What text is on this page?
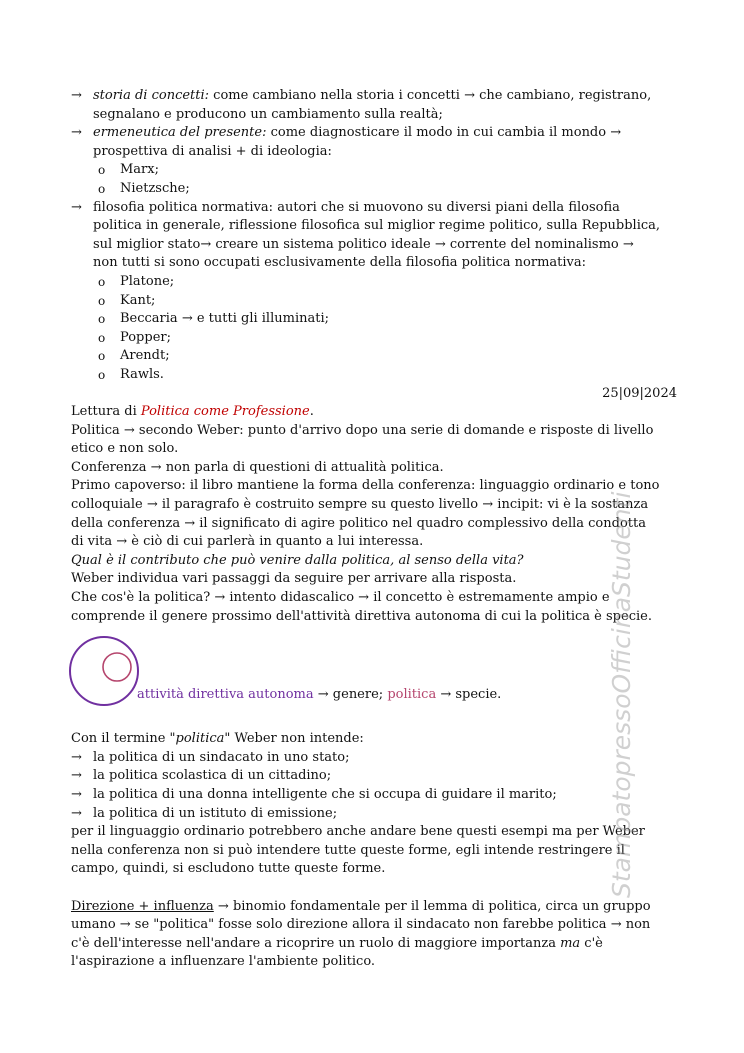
→ storia di concetti: come cambiano nella storia i concetti → che cambiano, registrano,
segnalano e producono un cambiamento sulla realtà;
→ ermeneutica del presente: come diagnosticare il modo in cui cambia il mondo →
prospettiva di analisi + di ideologia:
o Marx;
o Nietzsche;
→ filosofia politica normativa: autori che si muovono su diversi piani della filosofia
politica in generale, riflessione filosofica sul miglior regime politico, sulla Repubblica,
sul miglior stato→ creare un sistema politico ideale → corrente del nominalismo →
non tutti si sono occupati esclusivamente della filosofia politica normativa:
o Platone;
o Kant;
o Beccaria → e tutti gli illuminati;
o Popper;
o Arendt;
o Rawls.
25|09|2024
Lettura di Politica come Professione.
Politica → secondo Weber: punto d'arrivo dopo una serie di domande e risposte di livello
etico e non solo.
Conferenza → non parla di questioni di attualità politica.
Primo capoverso: il libro mantiene la forma della conferenza: linguaggio ordinario e tono
colloquiale → il paragrafo è costruito sempre su questo livello → incipit: vi è la sostanza
della conferenza → il significato di agire politico nel quadro complessivo della condotta
di vita → è ciò di cui parlerà in quanto a lui interessa.
Qual è il contributo che può venire dalla politica, al senso della vita?
Weber individua vari passaggi da seguire per arrivare alla risposta.
Che cos'è la politica? → intento didascalico → il concetto è estremamente ampio e
comprende il genere prossimo dell'attività direttiva autonoma di cui la politica è specie.
attività direttiva autonoma → genere; politica → specie.
Con il termine "politica" Weber non intende:
→ la politica di un sindacato in uno stato;
→ la politica scolastica di un cittadino;
→ la politica di una donna intelligente che si occupa di guidare il marito;
→ la politica di un istituto di emissione;
per il linguaggio ordinario potrebbero anche andare bene questi esempi ma per Weber
nella conferenza non si può intendere tutte queste forme, egli intende restringere il
campo, quindi, si escludono tutte queste forme.
Direzione + influenza → binomio fondamentale per il lemma di politica, circa un gruppo
umano → se "politica" fosse solo direzione allora il sindacato non farebbe politica → non
c'è dell'interesse nell'andare a ricoprire un ruolo di maggiore importanza ma c'è
l'aspirazione a influenzare l'ambiente politico.
StampatopressoOfficinaStudenti
